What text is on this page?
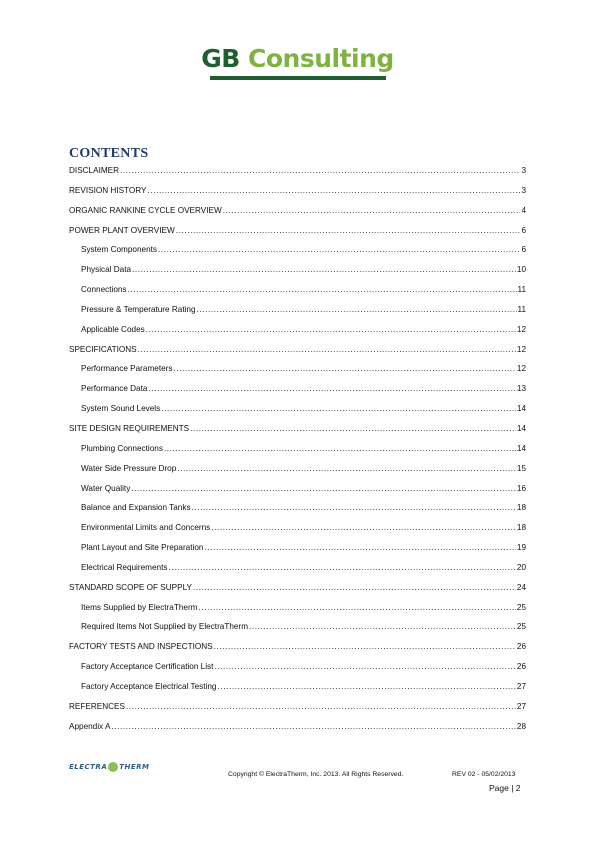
GB Consulting
CONTENTS
DISCLAIMER .....	3
REVISION HISTORY .....	3
ORGANIC RANKINE CYCLE OVERVIEW .....	4
POWER PLANT OVERVIEW .....	6
System Components .....	6
Physical Data .....	10
Connections .....	11
Pressure & Temperature Rating .....	11
Applicable Codes .....	12
SPECIFICATIONS .....	12
Performance Parameters .....	12
Performance Data .....	13
System Sound Levels .....	14
SITE DESIGN REQUIREMENTS .....	14
Plumbing Connections .....	14
Water Side Pressure Drop .....	15
Water Quality .....	16
Balance and Expansion Tanks .....	18
Environmental Limits and Concerns .....	18
Plant Layout and Site Preparation .....	19
Electrical Requirements .....	20
STANDARD SCOPE OF SUPPLY .....	24
Items Supplied by ElectraTherm .....	25
Required Items Not Supplied by ElectraTherm .....	25
FACTORY TESTS AND INSPECTIONS .....	26
Factory Acceptance Certification List .....	26
Factory Acceptance Electrical Testing .....	27
REFERENCES .....	27
Appendix A .....	28
ELECTRA THERM
Copyright © ElectraTherm, Inc. 2013. All Rights Reserved.	REV 02 - 05/02/2013
Page | 2
